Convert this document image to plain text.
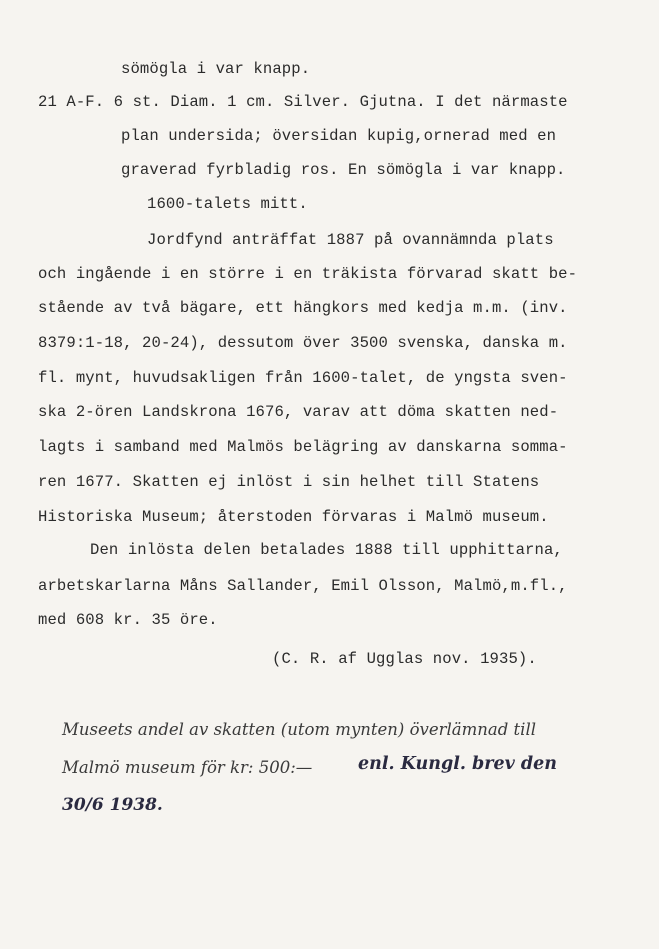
sömögla i var knapp.
21 A-F. 6 st. Diam. 1 cm. Silver. Gjutna. I det närmaste
plan undersida; översidan kupig,ornerad med en
graverad fyrbladig ros. En sömögla i var knapp.
1600-talets mitt.
Jordfynd anträffat 1887 på ovannämnda plats
och ingående i en större i en träkista förvarad skatt be-
stående av två bägare, ett hängkors med kedja m.m. (inv.
8379:1-18, 20-24), dessutom över 3500 svenska, danska m.
fl. mynt, huvudsakligen från 1600-talet, de yngsta sven-
ska 2-ören Landskrona 1676, varav att döma skatten ned-
lagts i samband med Malmös belägring av danskarna somma-
ren 1677. Skatten ej inlöst i sin helhet till Statens
Historiska Museum; återstoden förvaras i Malmö museum.
Den inlösta delen betalades 1888 till upphittarna,
arbetskarlarna Måns Sallander, Emil Olsson, Malmö,m.fl.,
med 608 kr. 35 öre.
(C. R. af Ugglas nov. 1935).
Museets andel av skatten (utom mynten) överlämnad till
Malmö museum för kr: 500:—	enl. Kungl. brev den
30/6 1938.
